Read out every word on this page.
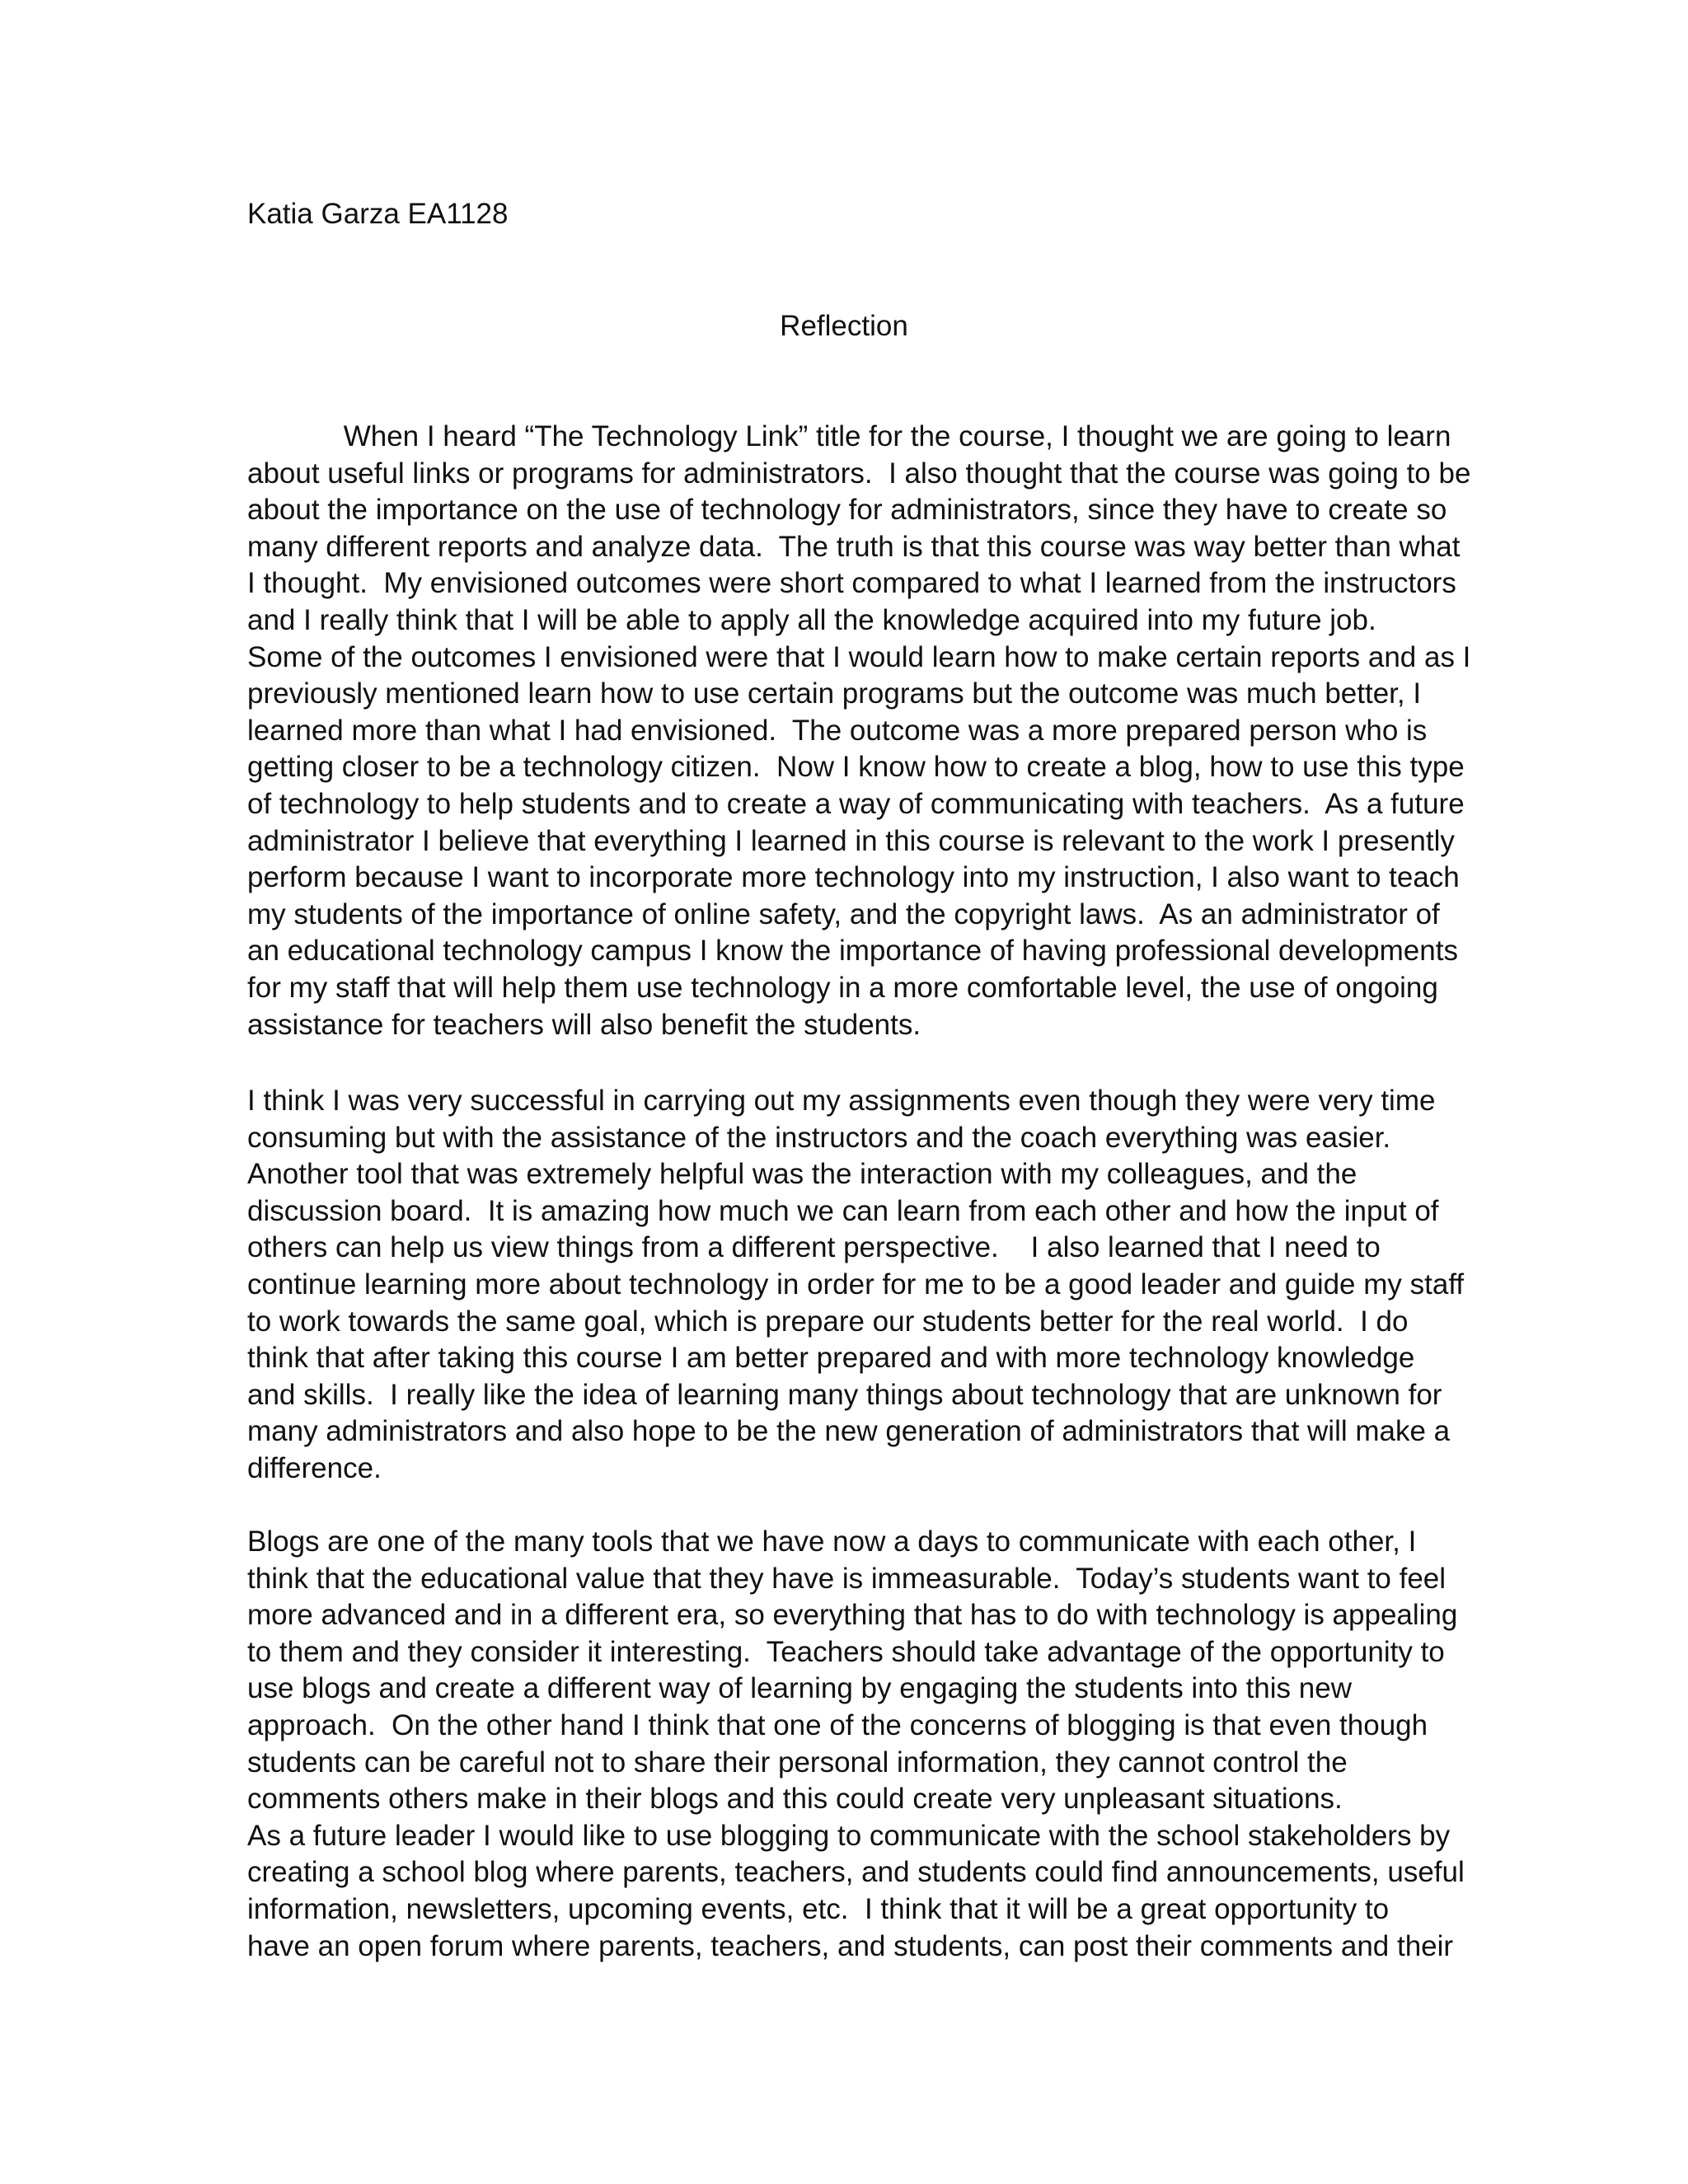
Katia Garza EA1128
Reflection
When I heard “The Technology Link” title for the course, I thought we are going to learn
about useful links or programs for administrators.  I also thought that the course was going to be
about the importance on the use of technology for administrators, since they have to create so
many different reports and analyze data.  The truth is that this course was way better than what
I thought.  My envisioned outcomes were short compared to what I learned from the instructors
and I really think that I will be able to apply all the knowledge acquired into my future job.
Some of the outcomes I envisioned were that I would learn how to make certain reports and as I
previously mentioned learn how to use certain programs but the outcome was much better, I
learned more than what I had envisioned.  The outcome was a more prepared person who is
getting closer to be a technology citizen.  Now I know how to create a blog, how to use this type
of technology to help students and to create a way of communicating with teachers.  As a future
administrator I believe that everything I learned in this course is relevant to the work I presently
perform because I want to incorporate more technology into my instruction, I also want to teach
my students of the importance of online safety, and the copyright laws.  As an administrator of
an educational technology campus I know the importance of having professional developments
for my staff that will help them use technology in a more comfortable level, the use of ongoing
assistance for teachers will also benefit the students.
I think I was very successful in carrying out my assignments even though they were very time
consuming but with the assistance of the instructors and the coach everything was easier.
Another tool that was extremely helpful was the interaction with my colleagues, and the
discussion board.  It is amazing how much we can learn from each other and how the input of
others can help us view things from a different perspective.    I also learned that I need to
continue learning more about technology in order for me to be a good leader and guide my staff
to work towards the same goal, which is prepare our students better for the real world.  I do
think that after taking this course I am better prepared and with more technology knowledge
and skills.  I really like the idea of learning many things about technology that are unknown for
many administrators and also hope to be the new generation of administrators that will make a
difference.
Blogs are one of the many tools that we have now a days to communicate with each other, I
think that the educational value that they have is immeasurable.  Today’s students want to feel
more advanced and in a different era, so everything that has to do with technology is appealing
to them and they consider it interesting.  Teachers should take advantage of the opportunity to
use blogs and create a different way of learning by engaging the students into this new
approach.  On the other hand I think that one of the concerns of blogging is that even though
students can be careful not to share their personal information, they cannot control the
comments others make in their blogs and this could create very unpleasant situations.
As a future leader I would like to use blogging to communicate with the school stakeholders by
creating a school blog where parents, teachers, and students could find announcements, useful
information, newsletters, upcoming events, etc.  I think that it will be a great opportunity to
have an open forum where parents, teachers, and students, can post their comments and their
